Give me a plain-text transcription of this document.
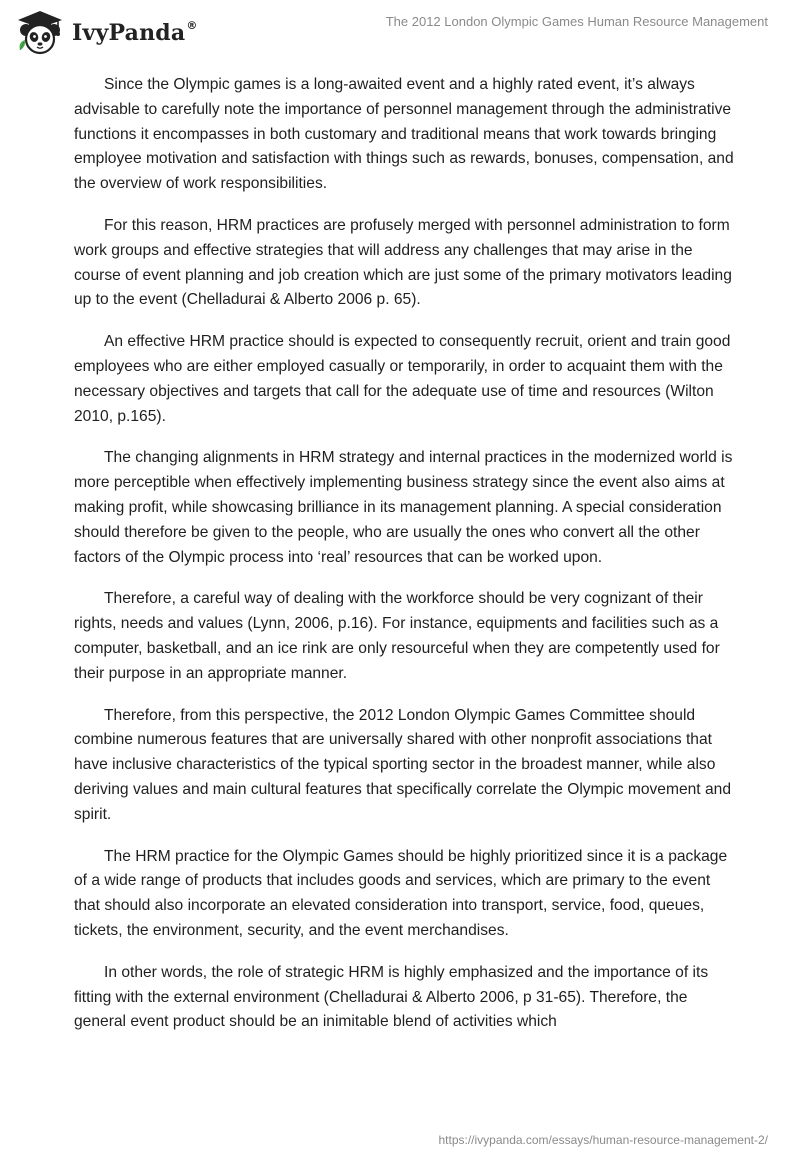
IvyPanda®	The 2012 London Olympic Games Human Resource Management

Since the Olympic games is a long-awaited event and a highly rated event, it’s always advisable to carefully note the importance of personnel management through the administrative functions it encompasses in both customary and traditional means that work towards bringing employee motivation and satisfaction with things such as rewards, bonuses, compensation, and the overview of work responsibilities.

For this reason, HRM practices are profusely merged with personnel administration to form work groups and effective strategies that will address any challenges that may arise in the course of event planning and job creation which are just some of the primary motivators leading up to the event (Chelladurai & Alberto 2006 p. 65).

An effective HRM practice should is expected to consequently recruit, orient and train good employees who are either employed casually or temporarily, in order to acquaint them with the necessary objectives and targets that call for the adequate use of time and resources (Wilton 2010, p.165).

The changing alignments in HRM strategy and internal practices in the modernized world is more perceptible when effectively implementing business strategy since the event also aims at making profit, while showcasing brilliance in its management planning. A special consideration should therefore be given to the people, who are usually the ones who convert all the other factors of the Olympic process into ‘real’ resources that can be worked upon.

Therefore, a careful way of dealing with the workforce should be very cognizant of their rights, needs and values (Lynn, 2006, p.16). For instance, equipments and facilities such as a computer, basketball, and an ice rink are only resourceful when they are competently used for their purpose in an appropriate manner.

Therefore, from this perspective, the 2012 London Olympic Games Committee should combine numerous features that are universally shared with other nonprofit associations that have inclusive characteristics of the typical sporting sector in the broadest manner, while also deriving values and main cultural features that specifically correlate the Olympic movement and spirit.

The HRM practice for the Olympic Games should be highly prioritized since it is a package of a wide range of products that includes goods and services, which are primary to the event that should also incorporate an elevated consideration into transport, service, food, queues, tickets, the environment, security, and the event merchandises.

In other words, the role of strategic HRM is highly emphasized and the importance of its fitting with the external environment (Chelladurai & Alberto 2006, p 31-65). Therefore, the general event product should be an inimitable blend of activities which

https://ivypanda.com/essays/human-resource-management-2/
